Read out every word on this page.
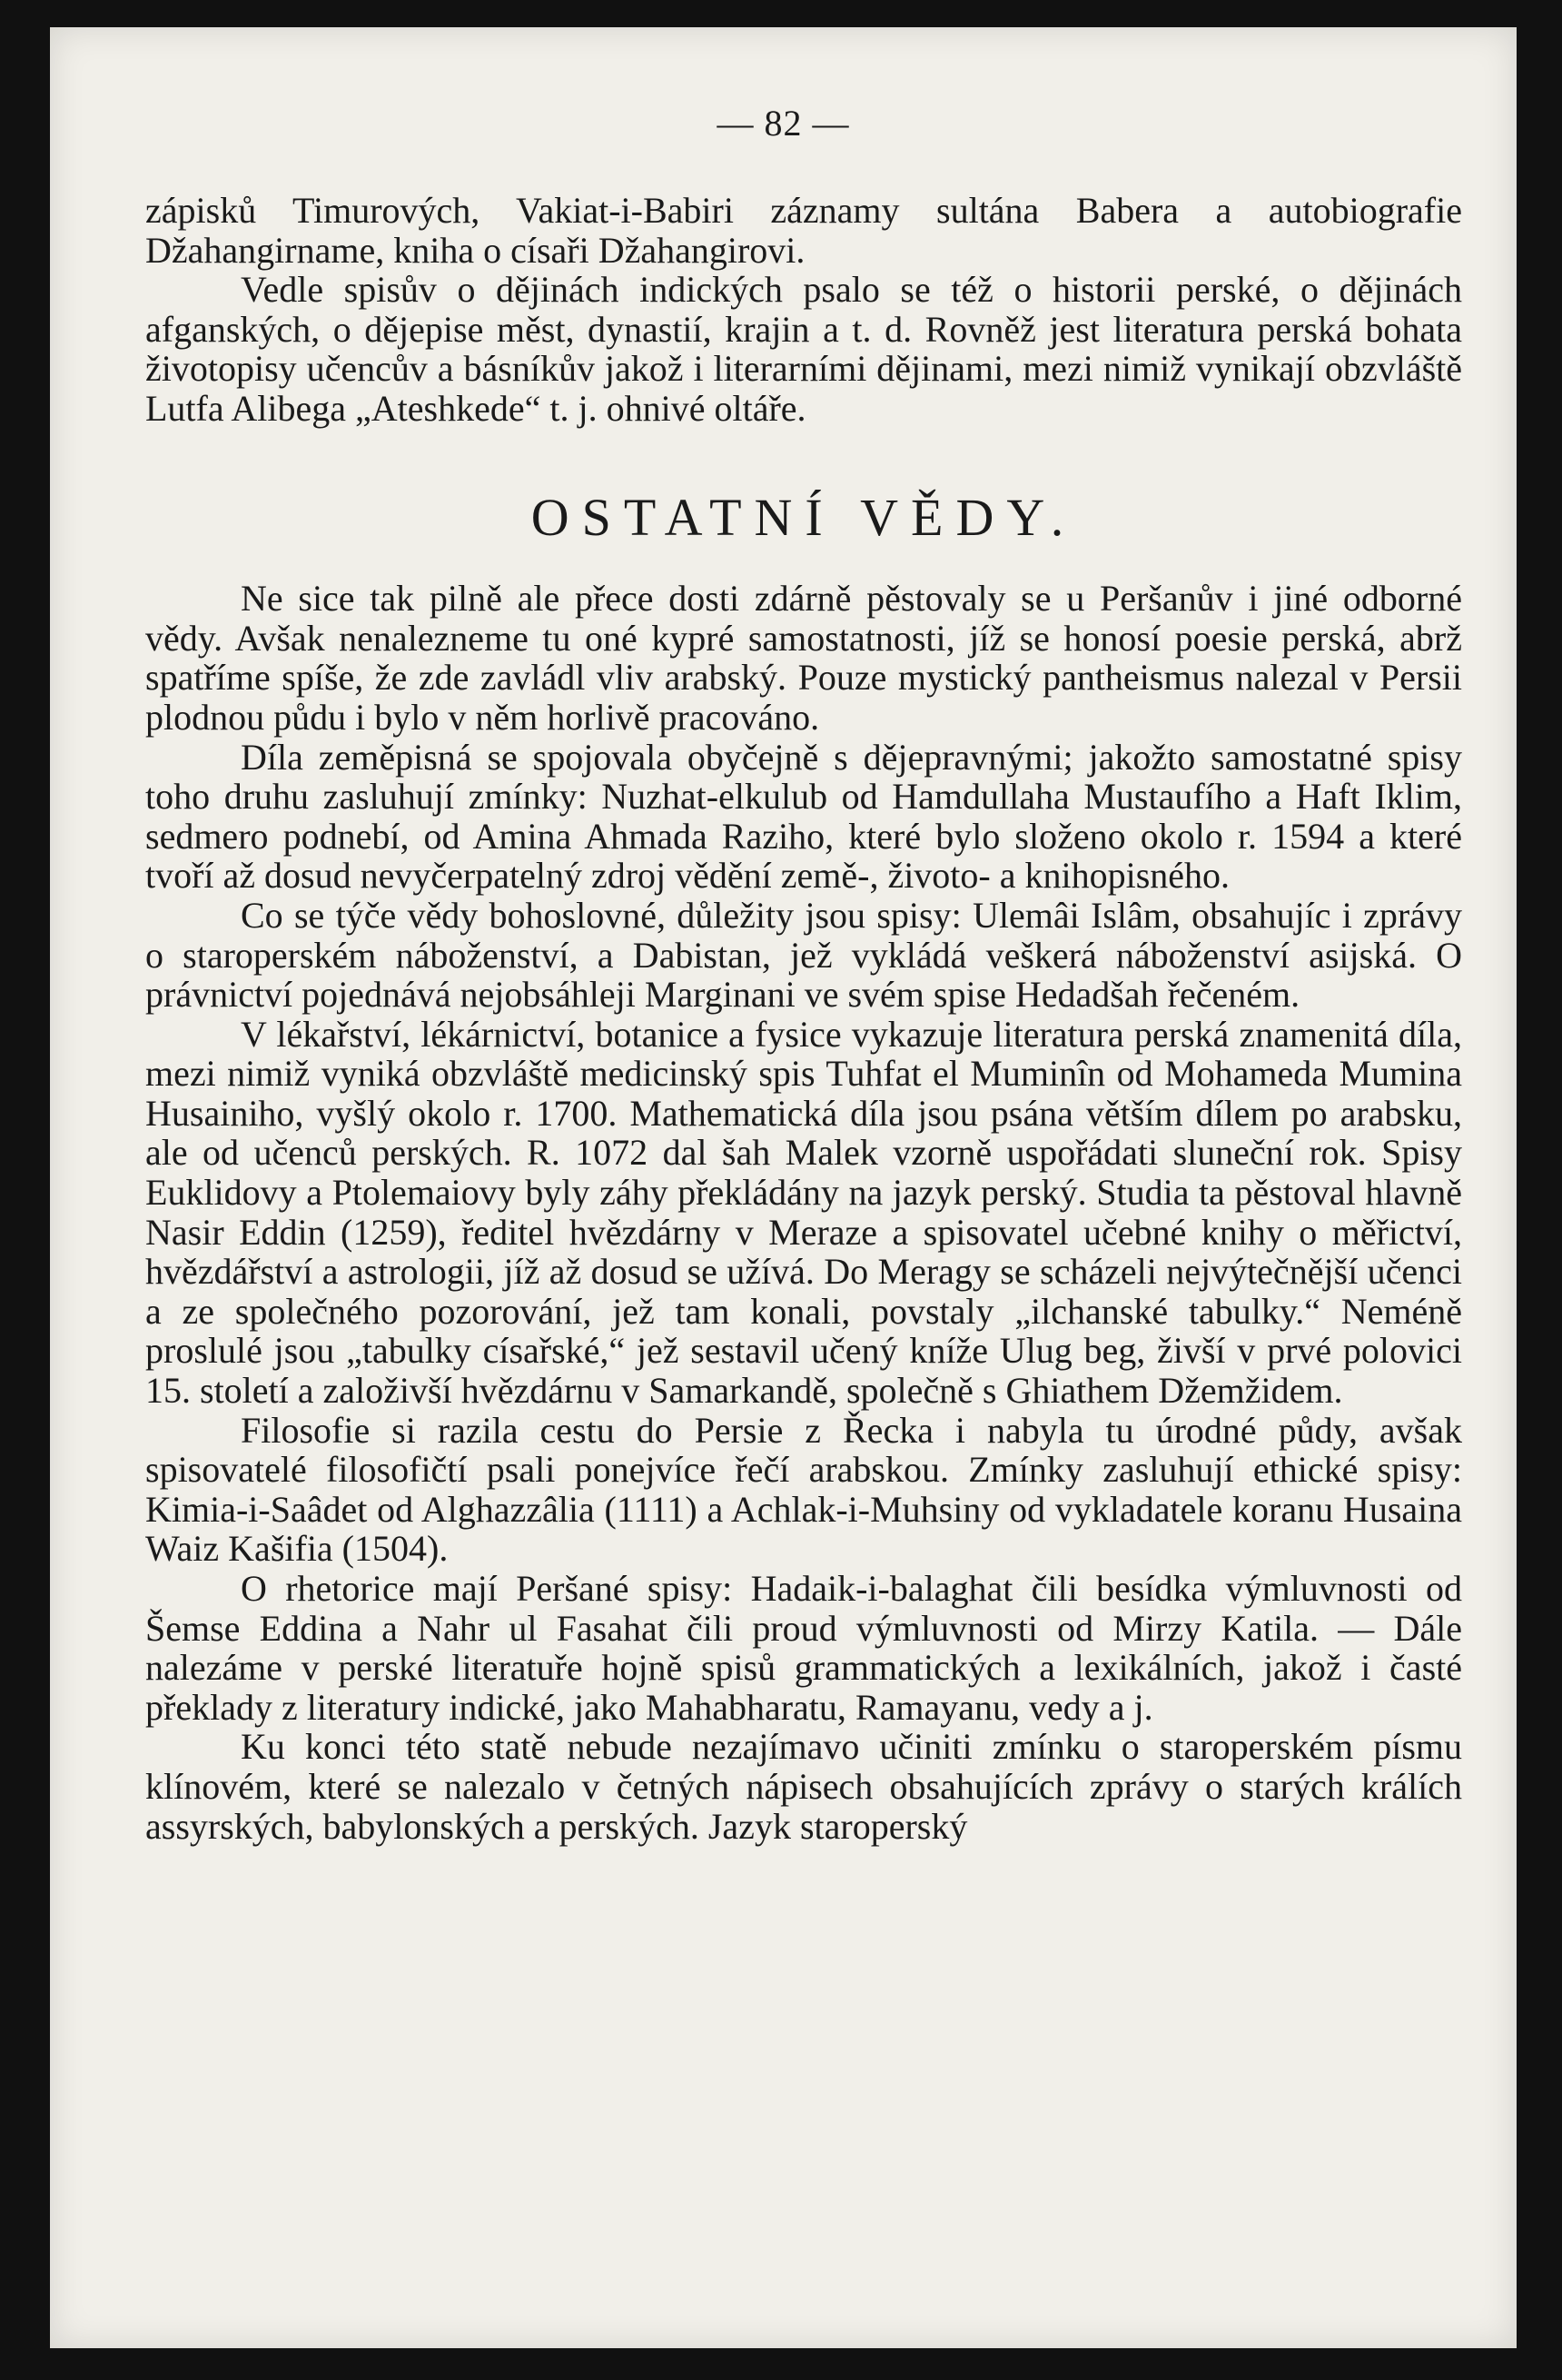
— 82 —

zápisků Timurových, Vakiat-i-Babiri záznamy sultána Babera a autobiografie Džahangirname, kniha o císaři Džahangirovi.

Vedle spisův o dějinách indických psalo se též o historii perské, o dějinách afganských, o dějepise měst, dynastií, krajin a t. d. Rovněž jest literatura perská bohata životopisy učencův a básníkův jakož i literarními dějinami, mezi nimiž vynikají obzvláště Lutfa Alibega „Ateshkede“ t. j. ohnivé oltáře.

OSTATNÍ VĚDY.

Ne sice tak pilně ale přece dosti zdárně pěstovaly se u Peršanův i jiné odborné vědy. Avšak nenalezneme tu oné kypré samostatnosti, jíž se honosí poesie perská, abrž spatříme spíše, že zde zavládl vliv arabský. Pouze mystický pantheismus nalezal v Persii plodnou půdu i bylo v něm horlivě pracováno.

Díla zeměpisná se spojovala obyčejně s dějepravnými; jakožto samostatné spisy toho druhu zasluhují zmínky: Nuzhat-elkulub od Hamdullaha Mustaufího a Haft Iklim, sedmero podnebí, od Amina Ahmada Raziho, které bylo složeno okolo r. 1594 a které tvoří až dosud nevyčerpatelný zdroj vědění země-, životo- a knihopisného.

Co se týče vědy bohoslovné, důležity jsou spisy: Ulemâi Islâm, obsahujíc i zprávy o staroperském náboženství, a Dabistan, jež vykládá veškerá náboženství asijská. O právnictví pojednává nejobsáhleji Marginani ve svém spise Hedadšah řečeném.

V lékařství, lékárnictví, botanice a fysice vykazuje literatura perská znamenitá díla, mezi nimiž vyniká obzvláště medicinský spis Tuhfat el Muminîn od Mohameda Mumina Husainiho, vyšlý okolo r. 1700. Mathematická díla jsou psána větším dílem po arabsku, ale od učenců perských. R. 1072 dal šah Malek vzorně uspořádati sluneční rok. Spisy Euklidovy a Ptolemaiovy byly záhy překládány na jazyk perský. Studia ta pěstoval hlavně Nasir Eddin (1259), ředitel hvězdárny v Meraze a spisovatel učebné knihy o měřictví, hvězdářství a astrologii, jíž až dosud se užívá. Do Meragy se scházeli nejvýtečnější učenci a ze společného pozorování, jež tam konali, povstaly „ilchanské tabulky.“ Neméně proslulé jsou „tabulky císařské,“ jež sestavil učený kníže Ulug beg, živší v prvé polovici 15. století a založivší hvězdárnu v Samarkandě, společně s Ghiathem Džemžidem.

Filosofie si razila cestu do Persie z Řecka i nabyla tu úrodné půdy, avšak spisovatelé filosofičtí psali ponejvíce řečí arabskou. Zmínky zasluhují ethické spisy: Kimia-i-Saâdet od Alghazzâlia (1111) a Achlak-i-Muhsiny od vykladatele koranu Husaina Waiz Kašifia (1504).

O rhetorice mají Peršané spisy: Hadaik-i-balaghat čili besídka výmluvnosti od Šemse Eddina a Nahr ul Fasahat čili proud výmluvnosti od Mirzy Katila. — Dále nalezáme v perské literatuře hojně spisů grammatických a lexikálních, jakož i časté překlady z literatury indické, jako Mahabharatu, Ramayanu, vedy a j.

Ku konci této statě nebude nezajímavo učiniti zmínku o staroperském písmu klínovém, které se nalezalo v četných nápisech obsahujících zprávy o starých králích assyrských, babylonských a perských. Jazyk staroperský
